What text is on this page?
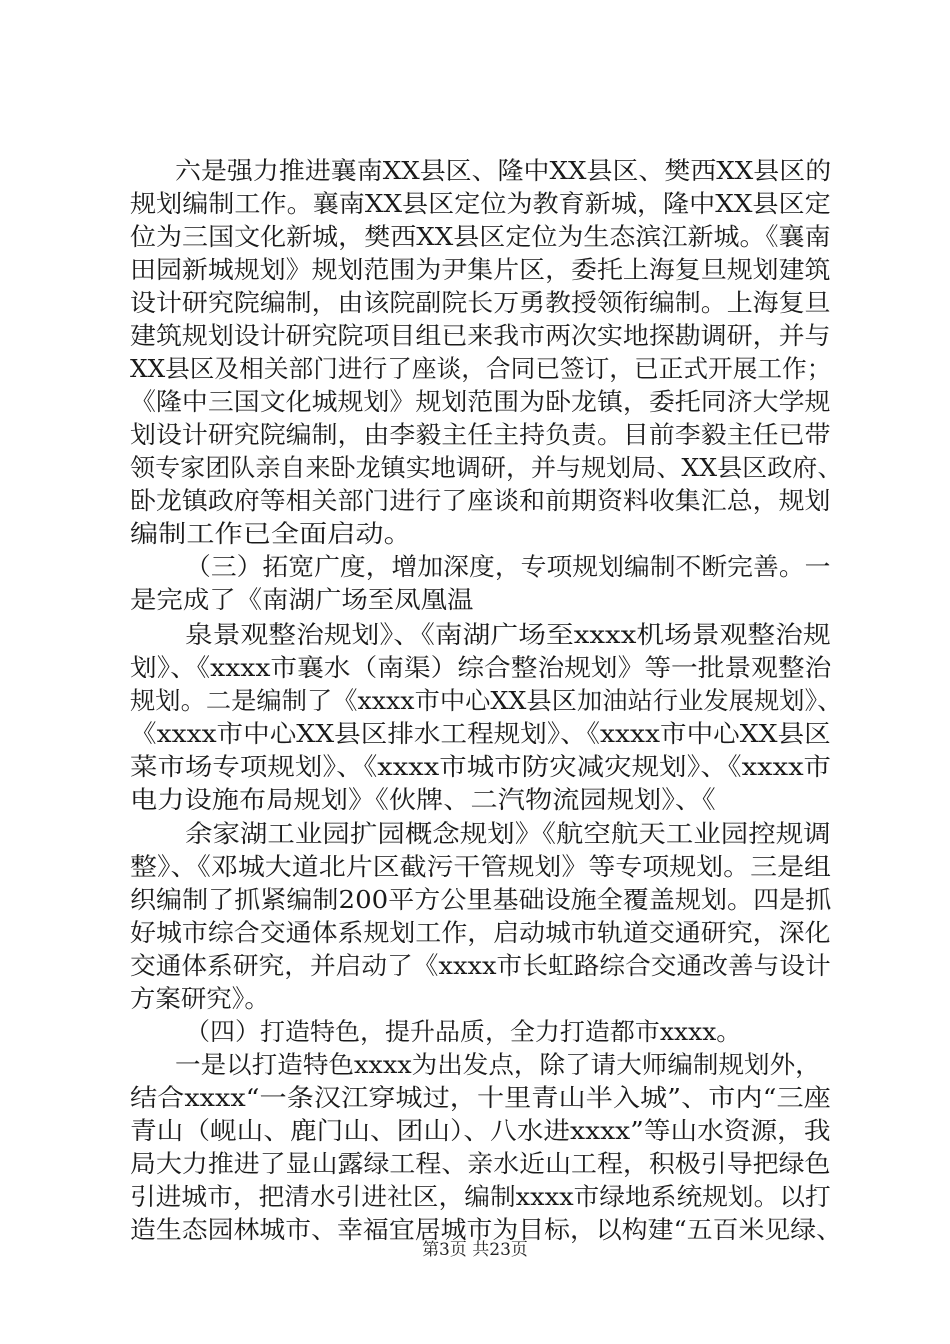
六是强力推进襄南XX县区、隆中XX县区、樊西XX县区的
规划编制工作。襄南XX县区定位为教育新城，隆中XX县区定
位为三国文化新城，樊西XX县区定位为生态滨江新城。《襄南
田园新城规划》规划范围为尹集片区，委托上海复旦规划建筑
设计研究院编制，由该院副院长万勇教授领衔编制。上海复旦
建筑规划设计研究院项目组已来我市两次实地探勘调研，并与
XX县区及相关部门进行了座谈，合同已签订，已正式开展工作；
《隆中三国文化城规划》规划范围为卧龙镇，委托同济大学规
划设计研究院编制，由李毅主任主持负责。目前李毅主任已带
领专家团队亲自来卧龙镇实地调研，并与规划局、XX县区政府、
卧龙镇政府等相关部门进行了座谈和前期资料收集汇总，规划
编制工作已全面启动。
（三）拓宽广度，增加深度，专项规划编制不断完善。一
是完成了《南湖广场至凤凰温
泉景观整治规划》、《南湖广场至xxxx机场景观整治规
划》、《xxxx市襄水（南渠）综合整治规划》等一批景观整治
规划。二是编制了《xxxx市中心XX县区加油站行业发展规划》、
《xxxx市中心XX县区排水工程规划》、《xxxx市中心XX县区
菜市场专项规划》、《xxxx市城市防灾减灾规划》、《xxxx市
电力设施布局规划》《伙牌、二汽物流园规划》、《
余家湖工业园扩园概念规划》《航空航天工业园控规调
整》、《邓城大道北片区截污干管规划》等专项规划。三是组
织编制了抓紧编制200平方公里基础设施全覆盖规划。四是抓
好城市综合交通体系规划工作，启动城市轨道交通研究，深化
交通体系研究，并启动了《xxxx市长虹路综合交通改善与设计
方案研究》。
（四）打造特色，提升品质，全力打造都市xxxx。
一是以打造特色xxxx为出发点，除了请大师编制规划外，
结合xxxx“一条汉江穿城过，十里青山半入城”、市内“三座
青山（岘山、鹿门山、团山）、八水进xxxx”等山水资源，我
局大力推进了显山露绿工程、亲水近山工程，积极引导把绿色
引进城市，把清水引进社区，编制xxxx市绿地系统规划。以打
造生态园林城市、幸福宜居城市为目标，以构建“五百米见绿、
第3页 共23页
